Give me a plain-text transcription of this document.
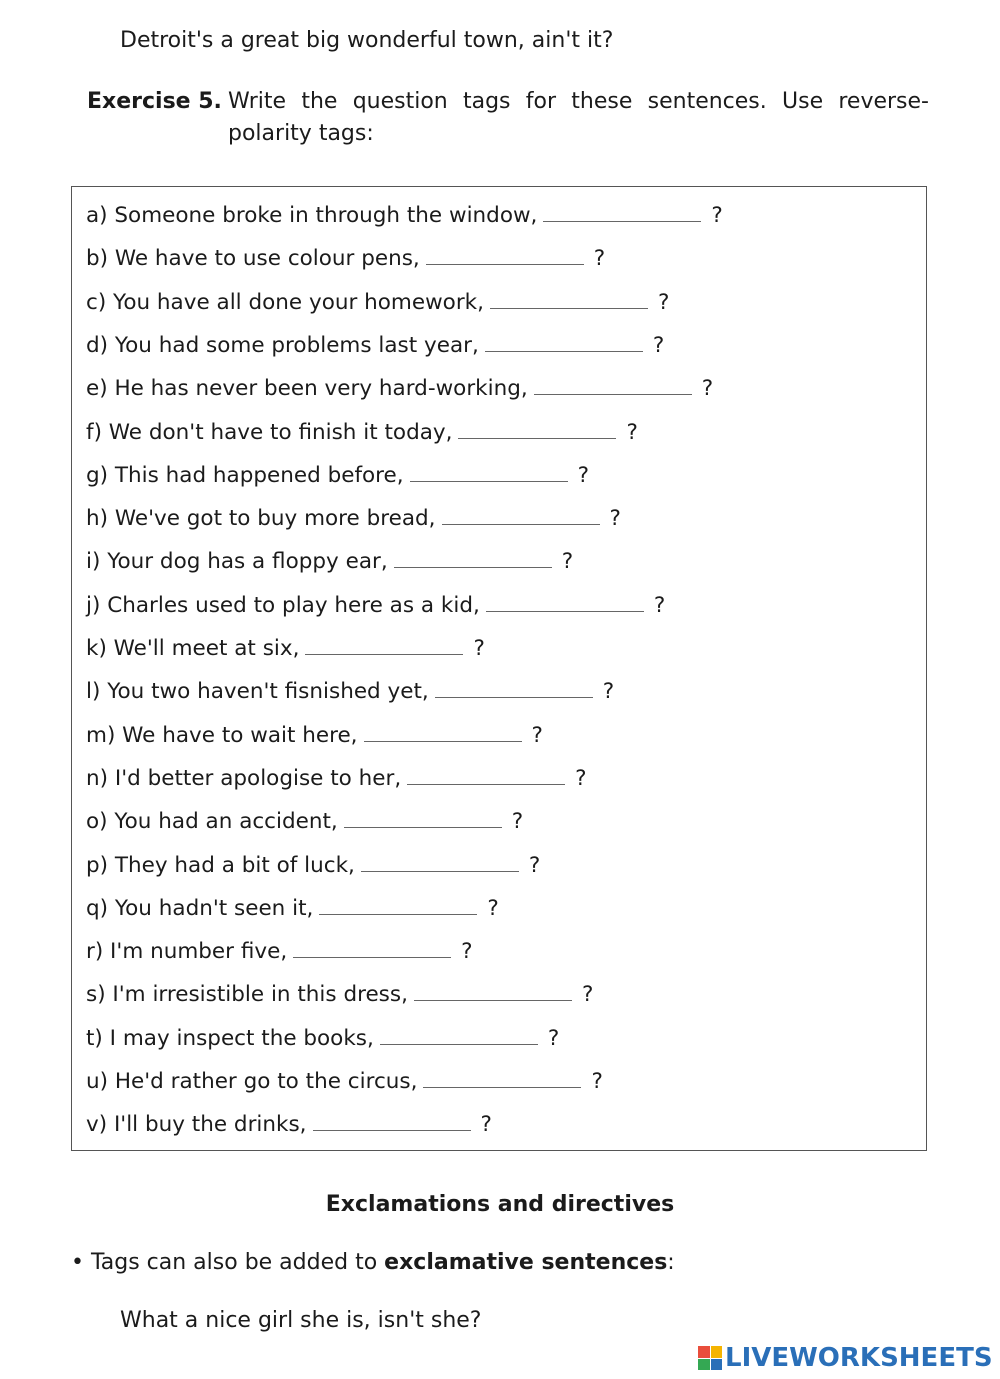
Detroit's a great big wonderful town, ain't it?
Exercise 5. Write the question tags for these sentences. Use reverse-polarity tags:
a) Someone broke in through the window,	?
b) We have to use colour pens,	?
c) You have all done your homework,	?
d) You had some problems last year,	?
e) He has never been very hard-working,	?
f) We don't have to finish it today,	?
g) This had happened before,	?
h) We've got to buy more bread,	?
i) Your dog has a floppy ear,	?
j) Charles used to play here as a kid,	?
k) We'll meet at six,	?
l) You two haven't fisnished yet,	?
m) We have to wait here,	?
n) I'd better apologise to her,	?
o) You had an accident,	?
p) They had a bit of luck,	?
q) You hadn't seen it,	?
r) I'm number five,	?
s) I'm irresistible in this dress,	?
t) I may inspect the books,	?
u) He'd rather go to the circus,	?
v) I'll buy the drinks,	?
Exclamations and directives
• Tags can also be added to exclamative sentences:
What a nice girl she is, isn't she?
LIVEWORKSHEETS
